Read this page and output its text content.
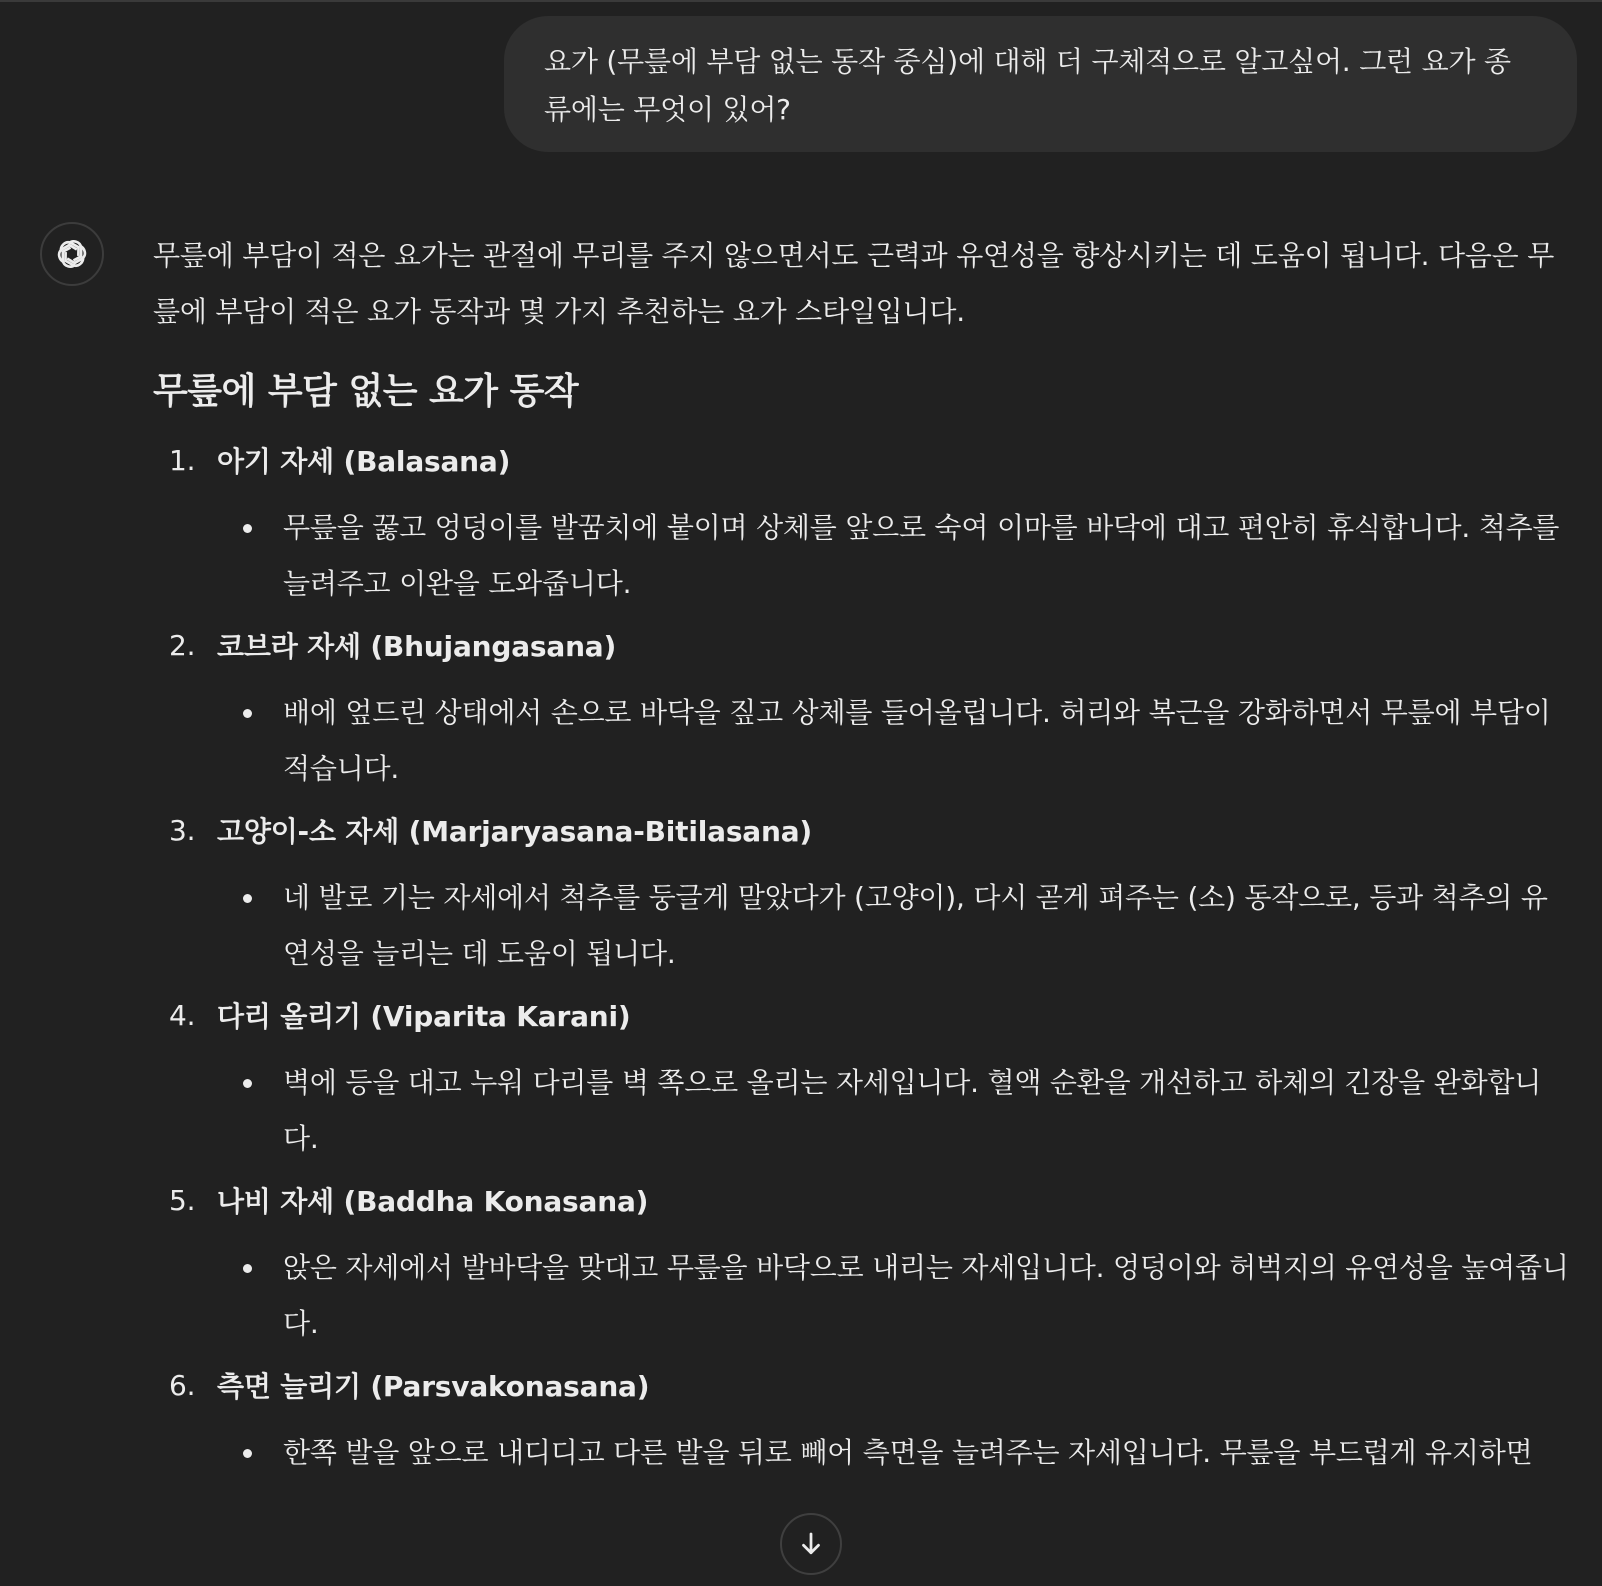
요가 (무릎에 부담 없는 동작 중심)에 대해 더 구체적으로 알고싶어. 그런 요가 종류에는 무엇이 있어?

무릎에 부담이 적은 요가는 관절에 무리를 주지 않으면서도 근력과 유연성을 향상시키는 데 도움이 됩니다. 다음은 무릎에 부담이 적은 요가 동작과 몇 가지 추천하는 요가 스타일입니다.

무릎에 부담 없는 요가 동작
1. 아기 자세 (Balasana)
무릎을 꿇고 엉덩이를 발꿈치에 붙이며 상체를 앞으로 숙여 이마를 바닥에 대고 편안히 휴식합니다. 척추를 늘려주고 이완을 도와줍니다.
2. 코브라 자세 (Bhujangasana)
배에 엎드린 상태에서 손으로 바닥을 짚고 상체를 들어올립니다. 허리와 복근을 강화하면서 무릎에 부담이 적습니다.
3. 고양이-소 자세 (Marjaryasana-Bitilasana)
네 발로 기는 자세에서 척추를 둥글게 말았다가 (고양이), 다시 곧게 펴주는 (소) 동작으로, 등과 척추의 유연성을 늘리는 데 도움이 됩니다.
4. 다리 올리기 (Viparita Karani)
벽에 등을 대고 누워 다리를 벽 쪽으로 올리는 자세입니다. 혈액 순환을 개선하고 하체의 긴장을 완화합니다.
5. 나비 자세 (Baddha Konasana)
앉은 자세에서 발바닥을 맞대고 무릎을 바닥으로 내리는 자세입니다. 엉덩이와 허벅지의 유연성을 높여줍니다.
6. 측면 늘리기 (Parsvakonasana)
한쪽 발을 앞으로 내디디고 다른 발을 뒤로 빼어 측면을 늘려주는 자세입니다. 무릎을 부드럽게 유지하면
